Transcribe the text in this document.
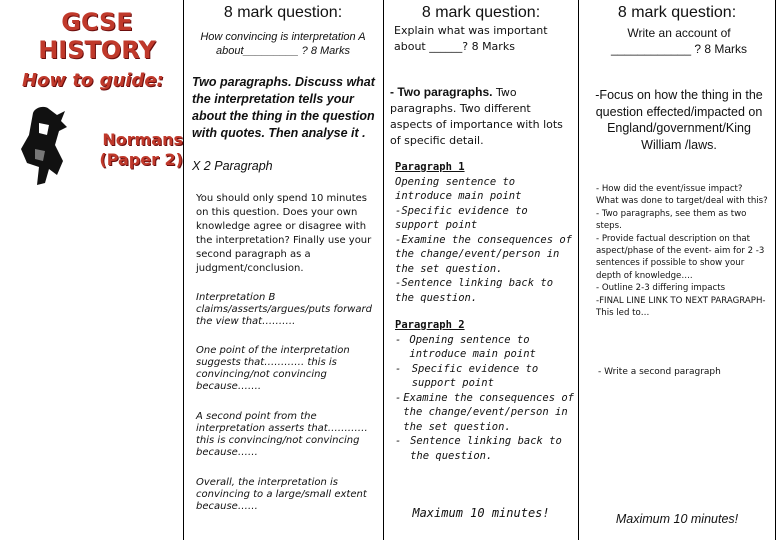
GCSE
HISTORY
How to guide:
Normans
(Paper 2)
8 mark question:
How convincing is interpretation A about_________ ? 8 Marks
Two paragraphs. Discuss what the interpretation tells your about the thing in the question with quotes. Then analyse it .
X 2 Paragraph
You should only spend 10 minutes on this question. Does your own knowledge agree or disagree with the interpretation? Finally use your second paragraph as a judgment/conclusion.
Interpretation B claims/asserts/argues/puts forward the view that……….
One point of the interpretation suggests that………… this is convincing/not convincing because…….
A second point from the interpretation asserts that…………this is convincing/not convincing because……
Overall, the interpretation is convincing to a large/small extent because……
8 mark question:
Explain what was important about ______? 8 Marks
- Two paragraphs. Two paragraphs. Two different aspects of importance with lots of specific detail.
Paragraph 1
Opening sentence to introduce main point
-Specific evidence to support point
-Examine the consequences of the change/event/person in the set question.
-Sentence linking back to the question.
Paragraph 2
- Opening sentence to introduce main point
- Specific evidence to support point
- Examine the consequences of the change/event/person in the set question.
- Sentence linking back to the question.
Maximum 10 minutes!
8 mark question:
Write an account of ____________ ? 8 Marks
-Focus on how the thing in the question effected/impacted on England/government/King William /laws.
- How did the event/issue impact?
What was done to target/deal with this?
- Two paragraphs, see them as two steps.
- Provide factual description on that aspect/phase of the event- aim for 2 -3 sentences if possible to show your depth of knowledge….
- Outline 2-3 differing impacts
-FINAL LINE LINK TO NEXT PARAGRAPH- This led to…
- Write a second paragraph
Maximum 10 minutes!
